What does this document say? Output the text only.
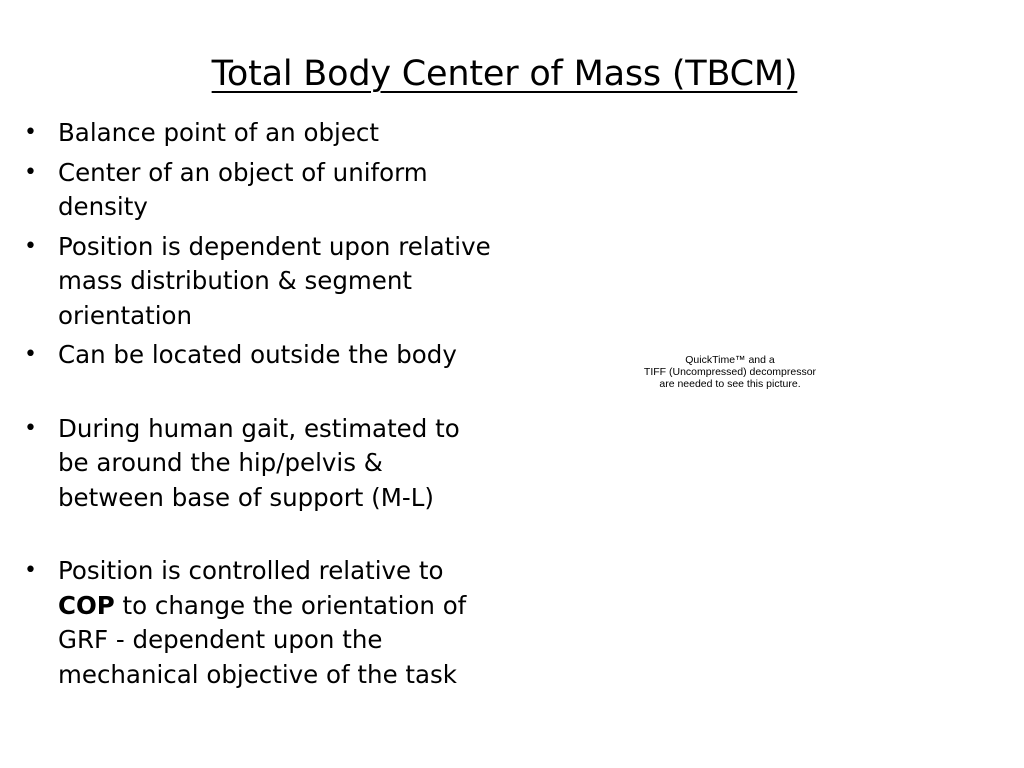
Total Body Center of Mass (TBCM)
• Balance point of an object
• Center of an object of uniform density
• Position is dependent upon relative mass distribution & segment orientation
• Can be located outside the body
• During human gait, estimated to be around the hip/pelvis & between base of support (M-L)
• Position is controlled relative to COP to change the orientation of GRF - dependent upon the mechanical objective of the task
QuickTime™ and a
TIFF (Uncompressed) decompressor
are needed to see this picture.
